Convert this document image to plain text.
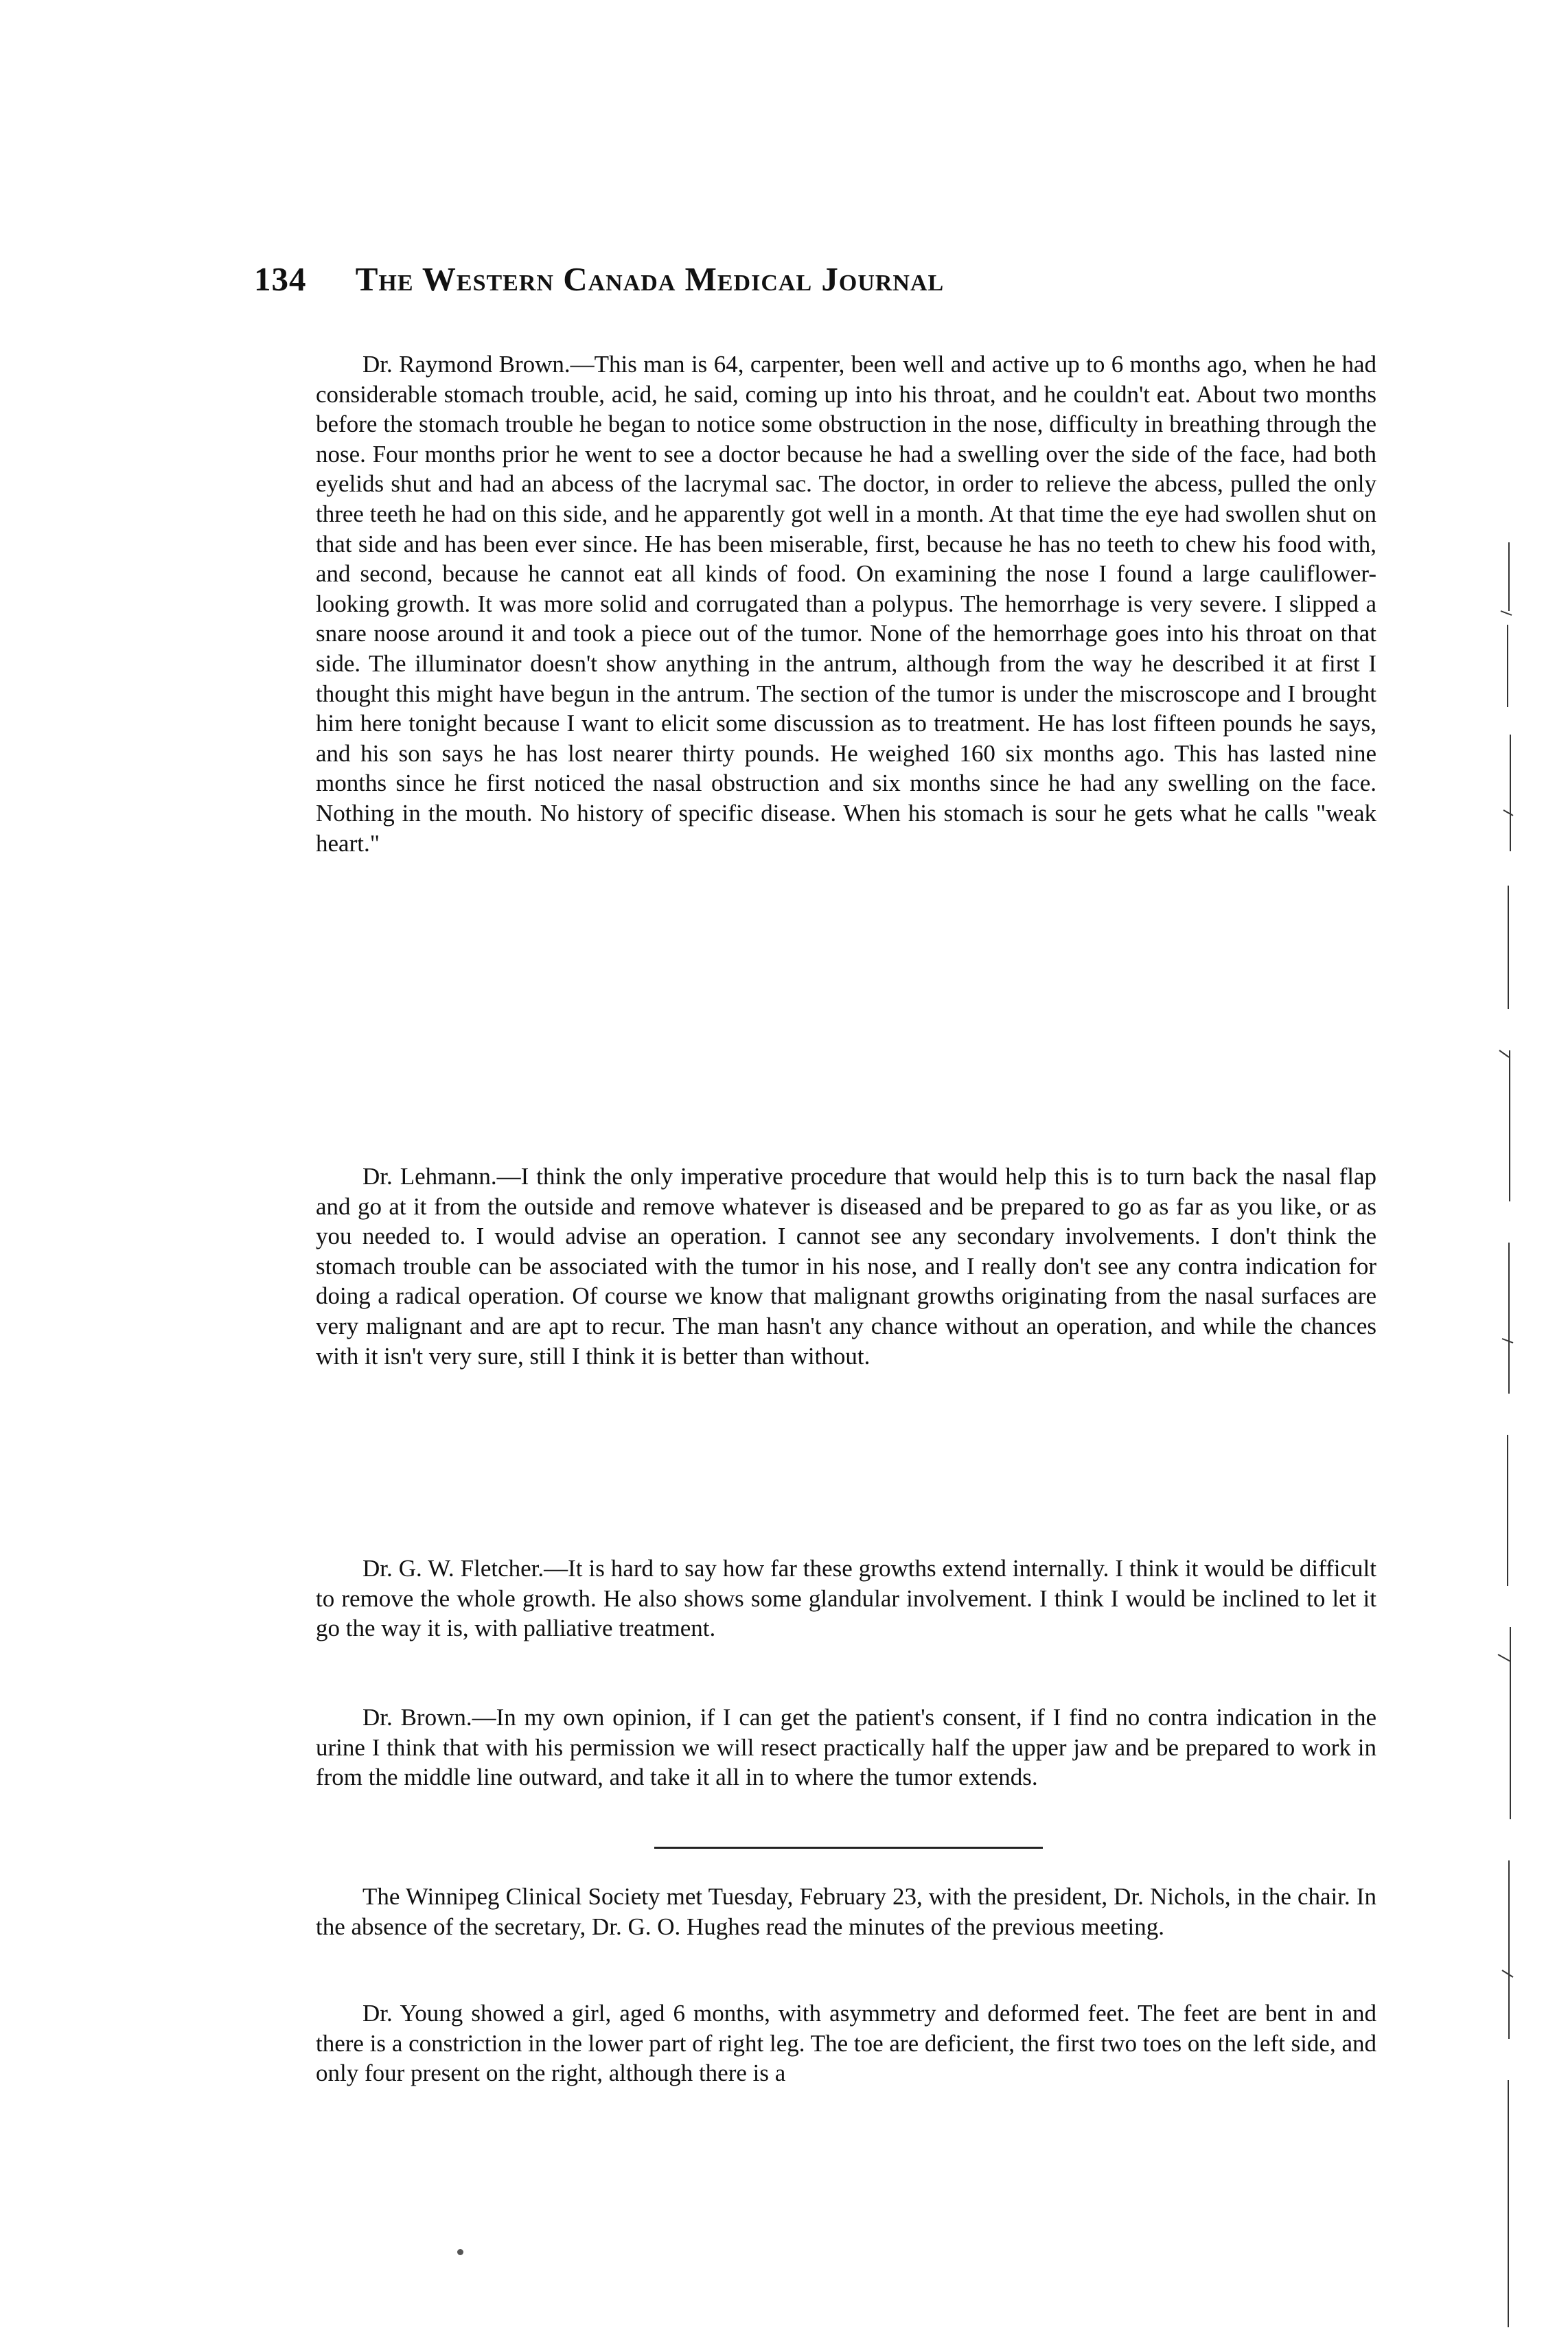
134 The Western Canada Medical Journal

Dr. Raymond Brown.—This man is 64, carpenter, been well and active up to 6 months ago, when he had considerable stomach trouble, acid, he said, coming up into his throat, and he couldn't eat. About two months before the stomach trouble he began to notice some obstruction in the nose, difficulty in breathing through the nose. Four months prior he went to see a doctor because he had a swelling over the side of the face, had both eyelids shut and had an abcess of the lacrymal sac. The doctor, in order to relieve the abcess, pulled the only three teeth he had on this side, and he apparently got well in a month. At that time the eye had swollen shut on that side and has been ever since. He has been miserable, first, because he has no teeth to chew his food with, and second, because he cannot eat all kinds of food. On examining the nose I found a large cauliflower-looking growth. It was more solid and corrugated than a polypus. The hemorrhage is very severe. I slipped a snare noose around it and took a piece out of the tumor. None of the hemorrhage goes into his throat on that side. The illuminator doesn't show anything in the antrum, although from the way he described it at first I thought this might have begun in the antrum. The section of the tumor is under the miscroscope and I brought him here tonight because I want to elicit some discussion as to treatment. He has lost fifteen pounds he says, and his son says he has lost nearer thirty pounds. He weighed 160 six months ago. This has lasted nine months since he first noticed the nasal obstruction and six months since he had any swelling on the face. Nothing in the mouth. No history of specific disease. When his stomach is sour he gets what he calls "weak heart."

Dr. Lehmann.—I think the only imperative procedure that would help this is to turn back the nasal flap and go at it from the outside and remove whatever is diseased and be prepared to go as far as you like, or as you needed to. I would advise an operation. I cannot see any secondary involvements. I don't think the stomach trouble can be associated with the tumor in his nose, and I really don't see any contra indication for doing a radical operation. Of course we know that malignant growths originating from the nasal surfaces are very malignant and are apt to recur. The man hasn't any chance without an operation, and while the chances with it isn't very sure, still I think it is better than without.

Dr. G. W. Fletcher.—It is hard to say how far these growths extend internally. I think it would be difficult to remove the whole growth. He also shows some glandular involvement. I think I would be inclined to let it go the way it is, with palliative treatment.

Dr. Brown.—In my own opinion, if I can get the patient's consent, if I find no contra indication in the urine I think that with his permission we will resect practically half the upper jaw and be prepared to work in from the middle line outward, and take it all in to where the tumor extends.

The Winnipeg Clinical Society met Tuesday, February 23, with the president, Dr. Nichols, in the chair. In the absence of the secretary, Dr. G. O. Hughes read the minutes of the previous meeting.

Dr. Young showed a girl, aged 6 months, with asymmetry and deformed feet. The feet are bent in and there is a constriction in the lower part of right leg. The toe are deficient, the first two toes on the left side, and only four present on the right, although there is a
